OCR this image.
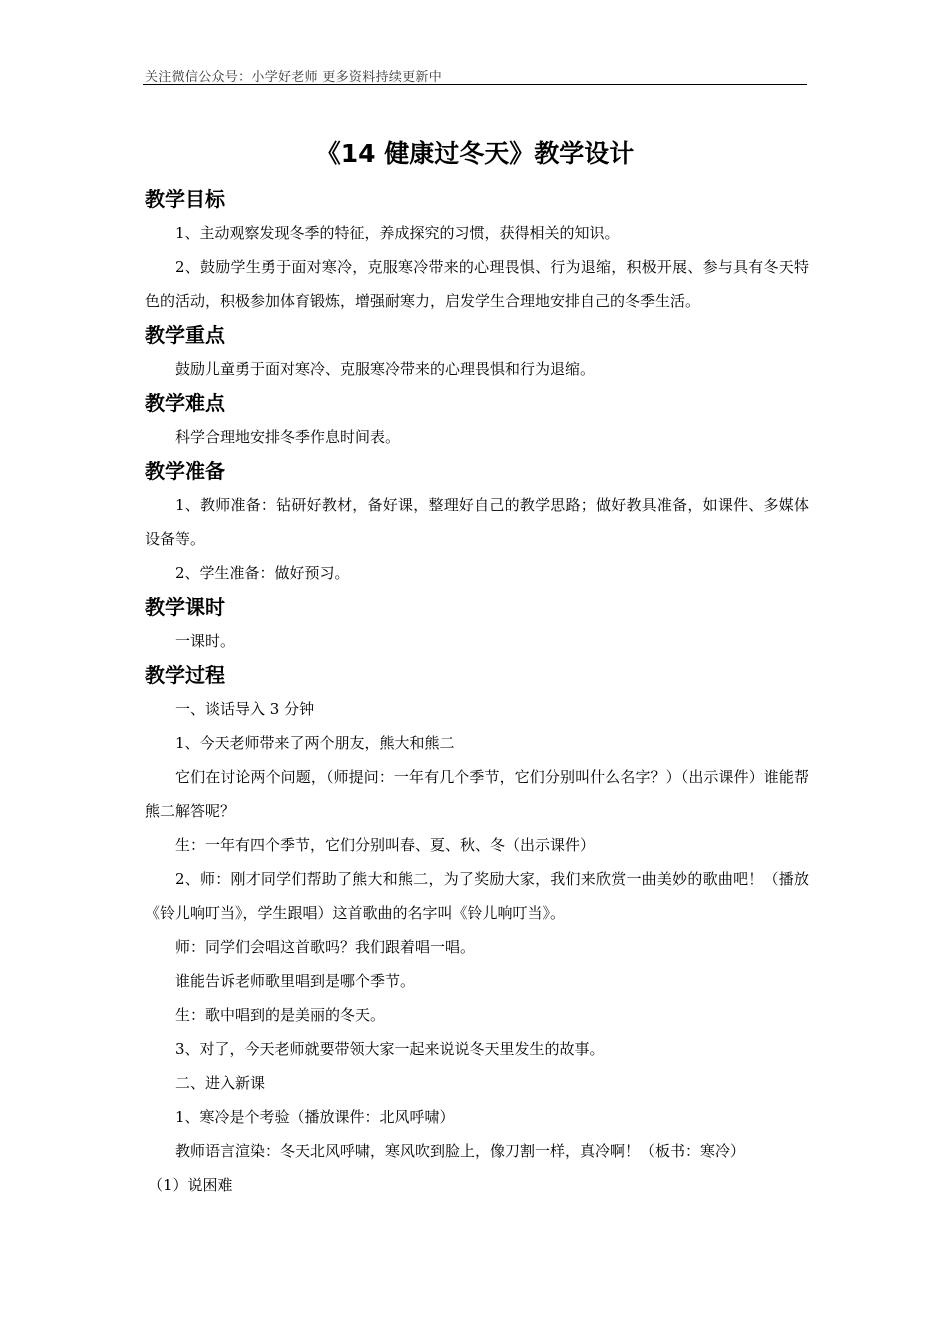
关注微信公众号：小学好老师 更多资料持续更新中
《14 健康过冬天》教学设计
教学目标

1、主动观察发现冬季的特征，养成探究的习惯，获得相关的知识。

2、鼓励学生勇于面对寒冷，克服寒冷带来的心理畏惧、行为退缩，积极开展、参与具有冬天特色的活动，积极参加体育锻炼，增强耐寒力，启发学生合理地安排自己的冬季生活。

教学重点

鼓励儿童勇于面对寒冷、克服寒冷带来的心理畏惧和行为退缩。

教学难点

科学合理地安排冬季作息时间表。

教学准备

1、教师准备：钻研好教材，备好课，整理好自己的教学思路；做好教具准备，如课件、多媒体设备等。

2、学生准备：做好预习。

教学课时

一课时。

教学过程

一、谈话导入 3 分钟

1、今天老师带来了两个朋友，熊大和熊二

它们在讨论两个问题，（师提问：一年有几个季节，它们分别叫什么名字？）（出示课件）谁能帮熊二解答呢？

生：一年有四个季节，它们分别叫春、夏、秋、冬（出示课件）

2、师：刚才同学们帮助了熊大和熊二，为了奖励大家，我们来欣赏一曲美妙的歌曲吧！（播放《铃儿响叮当》，学生跟唱）这首歌曲的名字叫《铃儿响叮当》。

师：同学们会唱这首歌吗？我们跟着唱一唱。

谁能告诉老师歌里唱到是哪个季节。

生：歌中唱到的是美丽的冬天。

3、对了，今天老师就要带领大家一起来说说冬天里发生的故事。

二、进入新课

1、寒冷是个考验（播放课件：北风呼啸）

教师语言渲染：冬天北风呼啸，寒风吹到脸上，像刀割一样，真冷啊！（板书：寒冷）

（1）说困难
